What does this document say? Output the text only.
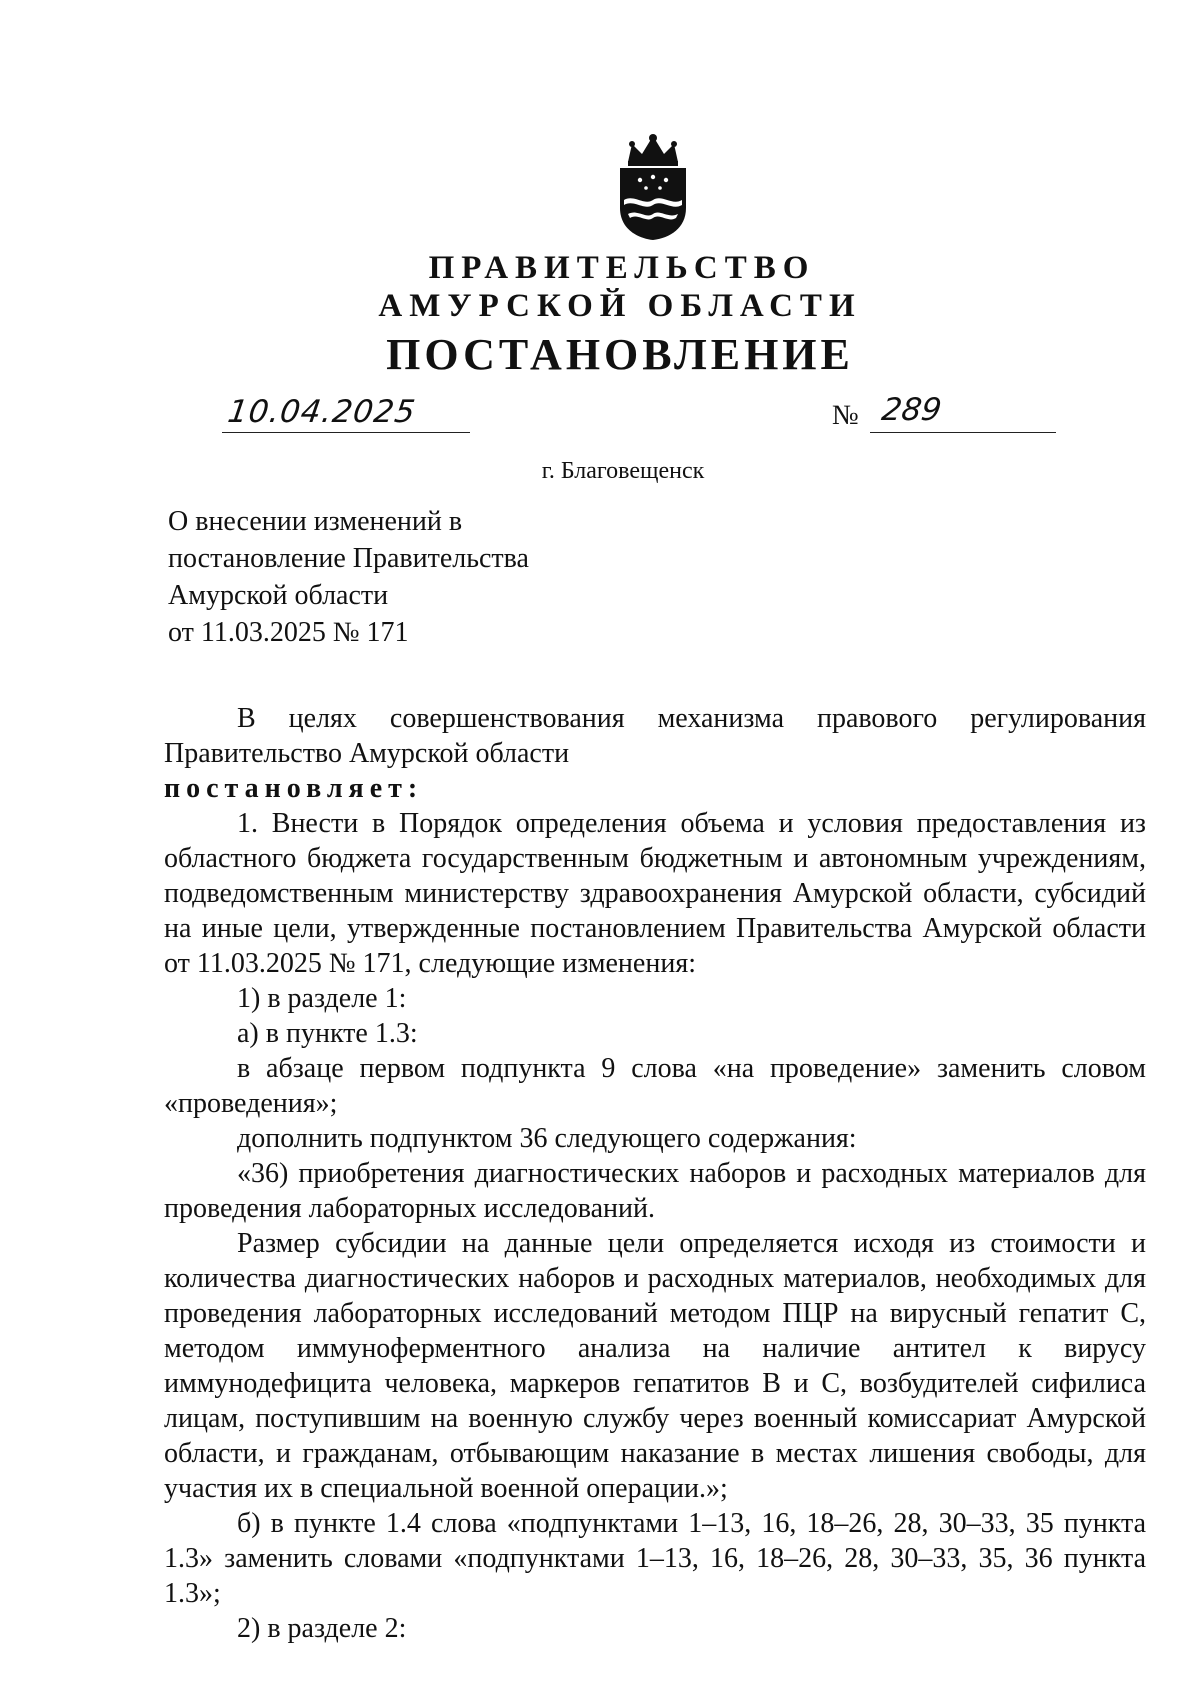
ПРАВИТЕЛЬСТВО
АМУРСКОЙ ОБЛАСТИ
ПОСТАНОВЛЕНИЕ
10.04.2025	№ 289
г. Благовещенск
О внесении изменений в
постановление Правительства
Амурской области
от 11.03.2025 № 171

В целях совершенствования механизма правового регулирования

Правительство Амурской области

постановляет:

1. Внести в Порядок определения объема и условия предоставления из областного бюджета государственным бюджетным и автономным учреждениям, подведомственным министерству здравоохранения Амурской области, субсидий на иные цели, утвержденные постановлением Правительства Амурской области от 11.03.2025 № 171, следующие изменения:

1) в разделе 1:

а) в пункте 1.3:

в абзаце первом подпункта 9 слова «на проведение» заменить словом «проведения»;

дополнить подпунктом 36 следующего содержания:

«36) приобретения диагностических наборов и расходных материалов для проведения лабораторных исследований.

Размер субсидии на данные цели определяется исходя из стоимости и количества диагностических наборов и расходных материалов, необходимых для проведения лабораторных исследований методом ПЦР на вирусный гепатит С, методом иммуноферментного анализа на наличие антител к вирусу иммунодефицита человека, маркеров гепатитов В и С, возбудителей сифилиса лицам, поступившим на военную службу через военный комиссариат Амурской области, и гражданам, отбывающим наказание в местах лишения свободы, для участия их в специальной военной операции.»;

б) в пункте 1.4 слова «подпунктами 1–13, 16, 18–26, 28, 30–33, 35 пункта 1.3» заменить словами «подпунктами 1–13, 16, 18–26, 28, 30–33, 35, 36 пункта 1.3»;

2) в разделе 2:
